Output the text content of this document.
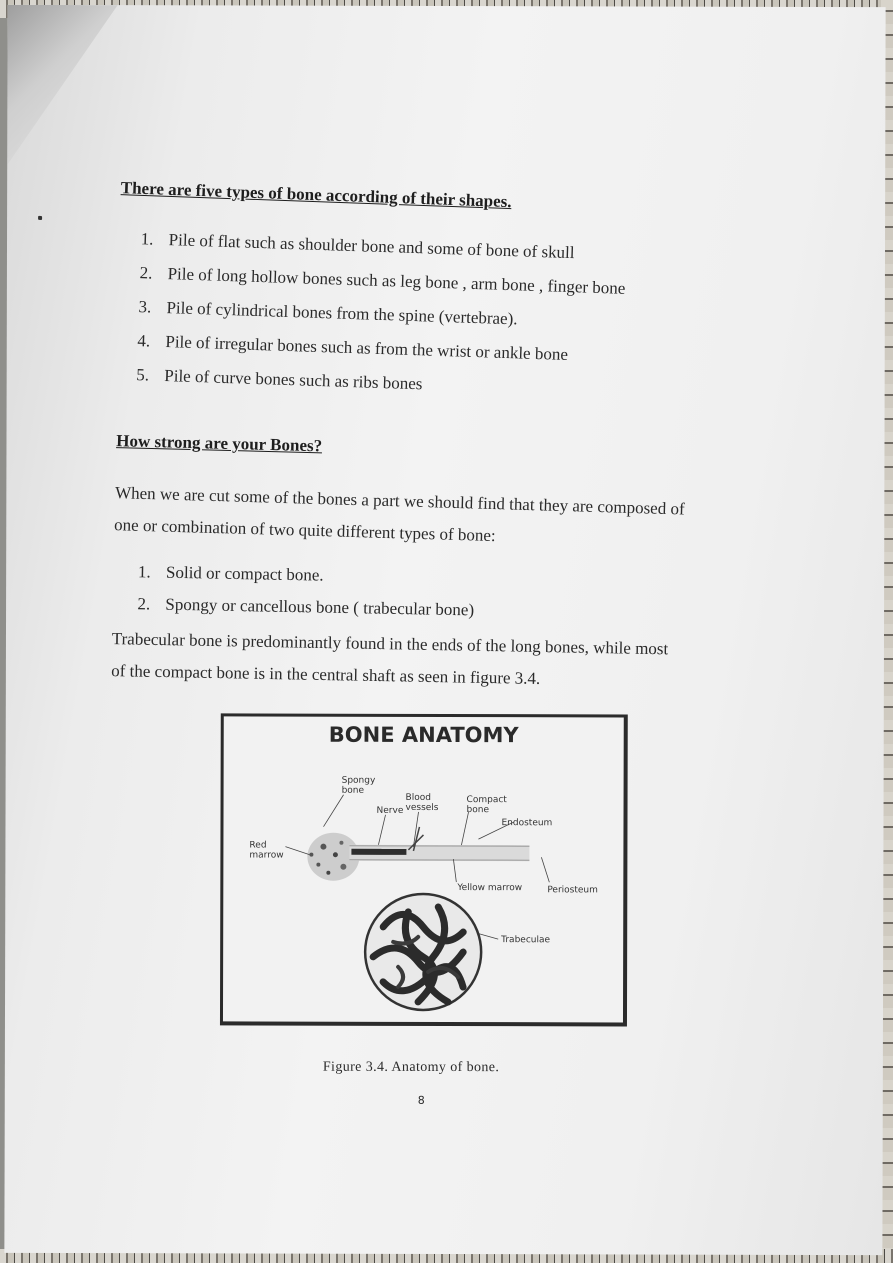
There are five types of bone according of their shapes.
1. Pile of flat such as shoulder bone and some of bone of skull
2. Pile of long hollow bones such as leg bone , arm bone , finger bone
3. Pile of cylindrical bones from the spine (vertebrae).
4. Pile of irregular bones such as from the wrist or ankle bone
5. Pile of curve bones such as ribs bones
How strong are your Bones?
When we are cut some of the bones a part we should find that they are composed of
one or combination of two quite different types of bone:
1. Solid or compact bone.
2. Spongy or cancellous bone ( trabecular bone)
Trabecular bone is predominantly found in the ends of the long bones, while most
of the compact bone is in the central shaft as seen in figure 3.4.
Spongy
bone
Blood
vessels
Compact
bone
Nerve
Endosteum
Red
marrow
Yellow marrow	Periosteum
Trabeculae
BONE ANATOMY
Figure 3.4. Anatomy of bone.
8
